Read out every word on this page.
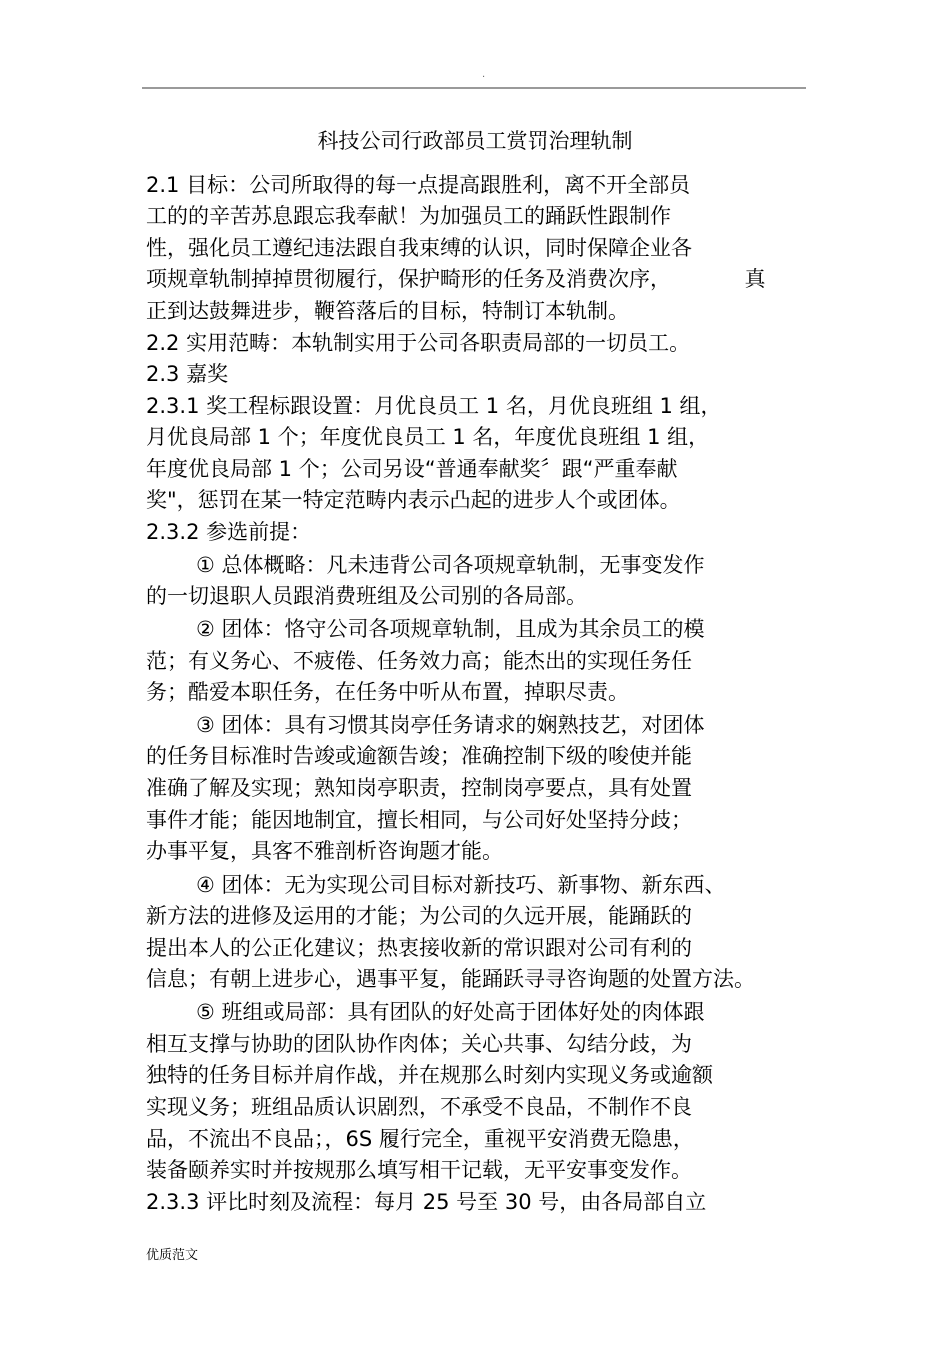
.
科技公司行政部员工赏罚治理轨制
2.1 目标：公司所取得的每一点提高跟胜利，离不开全部员
工的的辛苦苏息跟忘我奉献！为加强员工的踊跃性跟制作
性，强化员工遵纪违法跟自我束缚的认识，同时保障企业各
项规章轨制掉掉贯彻履行，保护畸形的任务及消费次序，　　　　真
正到达鼓舞进步，鞭笞落后的目标，特制订本轨制。
2.2 实用范畴：本轨制实用于公司各职责局部的一切员工。
2.3 嘉奖
2.3.1 奖工程标跟设置：月优良员工 1 名，月优良班组 1 组，
月优良局部 1 个；年度优良员工 1 名，年度优良班组 1 组，
年度优良局部 1 个；公司另设“普通奉献奖〞跟“严重奉献
奖"，惩罚在某一特定范畴内表示凸起的进步人个或团体。
2.3.2 参选前提：
① 总体概略：凡未违背公司各项规章轨制，无事变发作
的一切退职人员跟消费班组及公司别的各局部。
② 团体：恪守公司各项规章轨制，且成为其余员工的模
范；有义务心、不疲倦、任务效力高；能杰出的实现任务任
务；酷爱本职任务，在任务中听从布置，掉职尽责。
③ 团体：具有习惯其岗亭任务请求的娴熟技艺，对团体
的任务目标准时告竣或逾额告竣；准确控制下级的唆使并能
准确了解及实现；熟知岗亭职责，控制岗亭要点，具有处置
事件才能；能因地制宜，擅长相同，与公司好处坚持分歧；
办事平复，具客不雅剖析咨询题才能。
④ 团体：无为实现公司目标对新技巧、新事物、新东西、
新方法的进修及运用的才能；为公司的久远开展，能踊跃的
提出本人的公正化建议；热衷接收新的常识跟对公司有利的
信息；有朝上进步心，遇事平复，能踊跃寻寻咨询题的处置方法。
⑤ 班组或局部：具有团队的好处高于团体好处的肉体跟
相互支撑与协助的团队协作肉体；关心共事、勾结分歧，为
独特的任务目标并肩作战，并在规那么时刻内实现义务或逾额
实现义务；班组品质认识剧烈，不承受不良品，不制作不良
品，不流出不良品；，6S 履行完全，重视平安消费无隐患，
装备颐养实时并按规那么填写相干记载，无平安事变发作。
2.3.3 评比时刻及流程：每月 25 号至 30 号，由各局部自立
优质范文
